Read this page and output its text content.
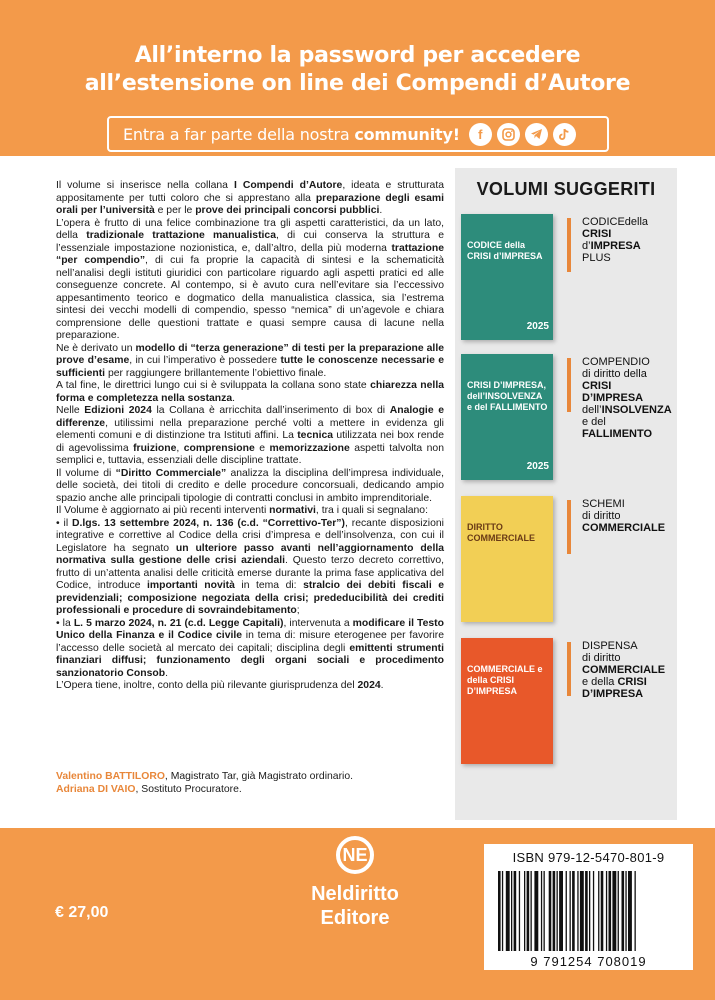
All’interno la password per accedere
all’estensione on line dei Compendi d’Autore
Entra a far parte della nostra community!	f
Il volume si inserisce nella collana I Compendi d’Autore, ideata e strutturata appositamente per tutti coloro che si apprestano alla preparazione degli esami orali per l’università e per le prove dei principali concorsi pubblici.
L’opera è frutto di una felice combinazione tra gli aspetti caratteristici, da un lato, della tradizionale trattazione manualistica, di cui conserva la struttura e l’essenziale impostazione nozionistica, e, dall’altro, della più moderna trattazione “per compendio”, di cui fa proprie la capacità di sintesi e la schematicità nell’analisi degli istituti giuridici con particolare riguardo agli aspetti pratici ed alle conseguenze concrete. Al contempo, si è avuto cura nell’evitare sia l’eccessivo appesantimento teorico e dogmatico della manualistica classica, sia l’estrema sintesi dei vecchi modelli di compendio, spesso “nemica” di un’agevole e chiara comprensione delle questioni trattate e quasi sempre causa di lacune nella preparazione.
Ne è derivato un modello di “terza generazione” di testi per la preparazione alle prove d’esame, in cui l’imperativo è possedere tutte le conoscenze necessarie e sufficienti per raggiungere brillantemente l’obiettivo finale.
A tal fine, le direttrici lungo cui si è sviluppata la collana sono state chiarezza nella forma e completezza nella sostanza.
Nelle Edizioni 2024 la Collana è arricchita dall’inserimento di box di Analogie e differenze, utilissimi nella preparazione perché volti a mettere in evidenza gli elementi comuni e di distinzione tra Istituti affini. La tecnica utilizzata nei box rende di agevolissima fruizione, comprensione e memorizzazione aspetti talvolta non semplici e, tuttavia, essenziali delle discipline trattate.
Il volume di “Diritto Commerciale” analizza la disciplina dell’impresa individuale, delle società, dei titoli di credito e delle procedure concorsuali, dedicando ampio spazio anche alle principali tipologie di contratti conclusi in ambito imprenditoriale.
Il Volume è aggiornato ai più recenti interventi normativi, tra i quali si segnalano:
• il D.lgs. 13 settembre 2024, n. 136 (c.d. “Correttivo-Ter”), recante disposizioni integrative e correttive al Codice della crisi d’impresa e dell’insolvenza, con cui il Legislatore ha segnato un ulteriore passo avanti nell’aggiornamento della normativa sulla gestione delle crisi aziendali. Questo terzo decreto correttivo, frutto di un’attenta analisi delle criticità emerse durante la prima fase applicativa del Codice, introduce importanti novità in tema di: stralcio dei debiti fiscali e previdenziali; composizione negoziata della crisi; prededucibilità dei crediti professionali e procedure di sovraindebitamento;
• la L. 5 marzo 2024, n. 21 (c.d. Legge Capitali), intervenuta a modificare il Testo Unico della Finanza e il Codice civile in tema di: misure eterogenee per favorire l’accesso delle società al mercato dei capitali; disciplina degli emittenti strumenti finanziari diffusi; funzionamento degli organi sociali e procedimento sanzionatorio Consob.
L’Opera tiene, inoltre, conto della più rilevante giurisprudenza del 2024.
Valentino BATTILORO, Magistrato Tar, già Magistrato ordinario.
Adriana DI VAIO, Sostituto Procuratore.
VOLUMI SUGGERITI
CODICE della CRISI d’IMPRESA
2025
CODICEdella CRISI
d’IMPRESA
PLUS
CRISI D’IMPRESA, dell’INSOLVENZA e del FALLIMENTO
2025
COMPENDIO
di diritto della
CRISI D’IMPRESA
dell’INSOLVENZA
e del FALLIMENTO
DIRITTO COMMERCIALE
SCHEMI
di diritto
COMMERCIALE
COMMERCIALE e della CRISI D’IMPRESA
DISPENSA
di diritto
COMMERCIALE
e della CRISI
D’IMPRESA
€ 27,00
NE
Neldiritto
Editore
ISBN 979-12-5470-801-9
9 791254 708019
